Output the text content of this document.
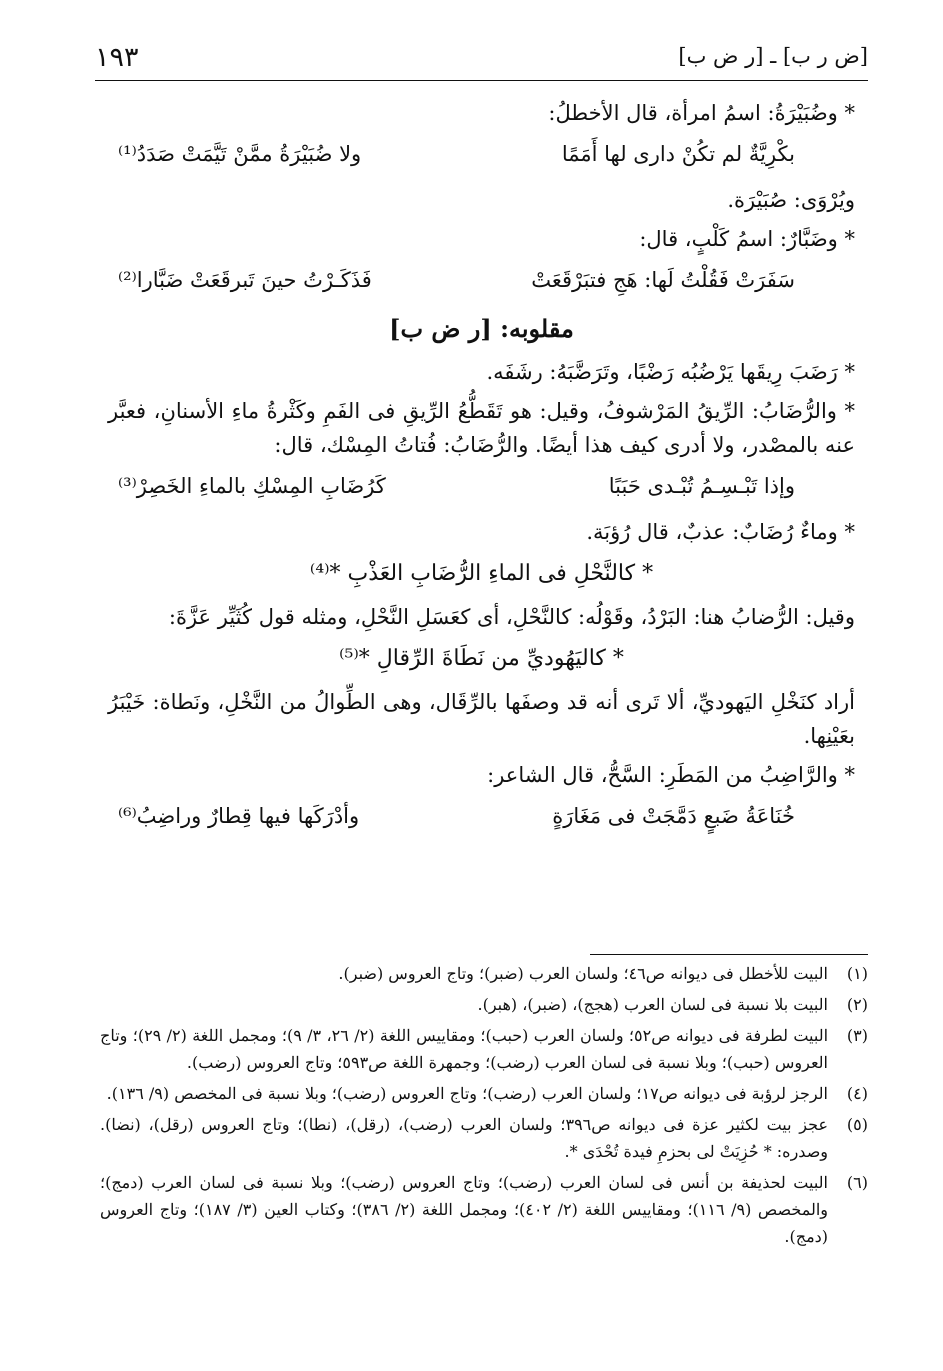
١٩٣	[ض ر ب] ـ [ر ض ب]

* وضُبَيْرَةُ: اسمُ امرأة، قال الأخطلُ:

بكْرِيَّةٌ لم تكُنْ دارى لها أَمَمًا
ولا ضُبَيْرَةُ ممَّنْ تَيَّمَتْ صَدَدُ⁽¹⁾

ويُرْوَى: صُبَيْرَة.

* وضَبَّارٌ: اسمُ كَلْبٍ، قال:

سَفَرَتْ فَقُلْتُ لَها: هَجِ فتبَرْقَعَتْ
فَذَكَـرْتُ حينَ تَبرقَعَتْ ضَبَّارا⁽²⁾
مقلوبه: [ر ض ب]

* رَضَبَ رِيقَها يَرْضُبُه رَضْبًا، وتَرَضَّبَهُ: رشَفَه.

* والرُّضَابُ: الرِّيقُ المَرْشوفُ، وقيل: هو تَقَطُّعُ الرِّيقِ فى الفَمِ وكَثْرةُ ماءِ الأسنانِ، فعبَّر عنه بالمصْدر، ولا أدرى كيف هذا أيضًا. والرُّضَابُ: فُتاتُ المِسْك، قال:

وإذا تَبْـسِـمُ تُبْـدى حَبَبًا
كَرُضَابِ المِسْكِ بالماءِ الخَصِرْ⁽³⁾

* وماءٌ رُضَابٌ: عذبٌ، قال رُؤبَة.

* كالنَّحْلِ فى الماءِ الرُّضَابِ العَذْبِ *⁽⁴⁾

وقيل: الرُّضابُ هنا: البَرْدُ، وقَوْلُه: كالنَّحْلِ، أى كعَسَلِ النَّحْلِ، ومثله قول كُثَيِّر عَزَّةَ:

* كاليَهُوديِّ من نَطَاةَ الرِّقالِ *⁽⁵⁾

أراد كنَخْلِ اليَهوديِّ، ألا تَرى أنه قد وصفَها بالرِّقَال، وهى الطِّوالُ من النَّخْلِ، ونَطاة: خَيْبَرُ بعَيْنِها.

* والرَّاضِبُ من المَطَرِ: السَّحُّ، قال الشاعر:

خُنَاعَةُ ضَبعٍ دَمَّجَتْ فى مَغَارَةٍ
وأدْرَكَها فيها قِطارٌ وراضِبُ⁽⁶⁾
(١)
البيت للأخطل فى ديوانه ص٤٦؛ ولسان العرب (ضبر)؛ وتاج العروس (ضبر).
(٢)
البيت بلا نسبة فى لسان العرب (هجج)، (ضبر)، (هبر).
(٣)
البيت لطرفة فى ديوانه ص٥٢؛ ولسان العرب (حبب)؛ ومقاييس اللغة (٢/ ٢٦، ٣/ ٩)؛ ومجمل اللغة (٢/ ٢٩)؛ وتاج العروس (حبب)؛ وبلا نسبة فى لسان العرب (رضب)؛ وجمهرة اللغة ص٥٩٣؛ وتاج العروس (رضب).
(٤)
الرجز لرؤبة فى ديوانه ص١٧؛ ولسان العرب (رضب)؛ وتاج العروس (رضب)؛ وبلا نسبة فى المخصص (٩/ ١٣٦).
(٥)
عجز بيت لكثير عزة فى ديوانه ص٣٩٦؛ ولسان العرب (رضب)، (رقل)، (نطا)؛ وتاج العروس (رقل)، (نضا). وصدره: * حُزِيَتْ لى بحزمِ فيدة تُحْدَى *.
(٦)
البيت لحذيفة بن أنس فى لسان العرب (رضب)؛ وتاج العروس (رضب)؛ وبلا نسبة فى لسان العرب (دمج)؛ والمخصص (٩/ ١١٦)؛ ومقاييس اللغة (٢/ ٤٠٢)؛ ومجمل اللغة (٢/ ٣٨٦)؛ وكتاب العين (٣/ ١٨٧)؛ وتاج العروس (دمج).
